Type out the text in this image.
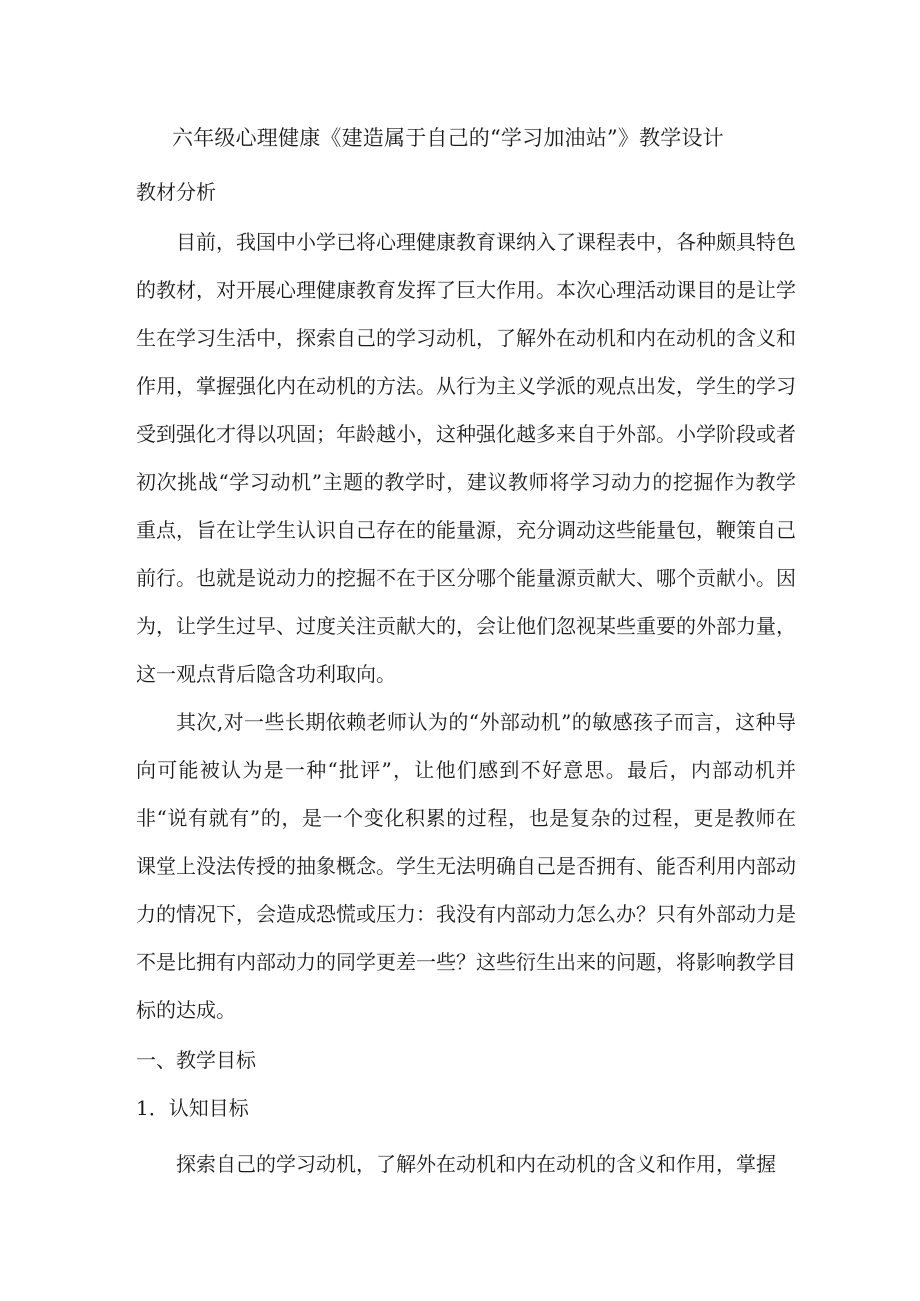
六年级心理健康《建造属于自己的“学习加油站”》教学设计
教材分析

目前，我国中小学已将心理健康教育课纳入了课程表中，各种颇具特色的教材，对开展心理健康教育发挥了巨大作用。本次心理活动课目的是让学生在学习生活中，探索自己的学习动机，了解外在动机和内在动机的含义和作用，掌握强化内在动机的方法。从行为主义学派的观点出发，学生的学习受到强化才得以巩固；年龄越小，这种强化越多来自于外部。小学阶段或者初次挑战“学习动机”主题的教学时，建议教师将学习动力的挖掘作为教学重点，旨在让学生认识自己存在的能量源，充分调动这些能量包，鞭策自己前行。也就是说动力的挖掘不在于区分哪个能量源贡献大、哪个贡献小。因为，让学生过早、过度关注贡献大的，会让他们忽视某些重要的外部力量，这一观点背后隐含功利取向。

其次,对一些长期依赖老师认为的“外部动机”的敏感孩子而言，这种导向可能被认为是一种“批评”，让他们感到不好意思。最后，内部动机并非“说有就有”的，是一个变化积累的过程，也是复杂的过程，更是教师在课堂上没法传授的抽象概念。学生无法明确自己是否拥有、能否利用内部动力的情况下，会造成恐慌或压力：我没有内部动力怎么办？只有外部动力是不是比拥有内部动力的同学更差一些？这些衍生出来的问题，将影响教学目标的达成。

一、教学目标
1．认知目标

探索自己的学习动机，了解外在动机和内在动机的含义和作用，掌握
